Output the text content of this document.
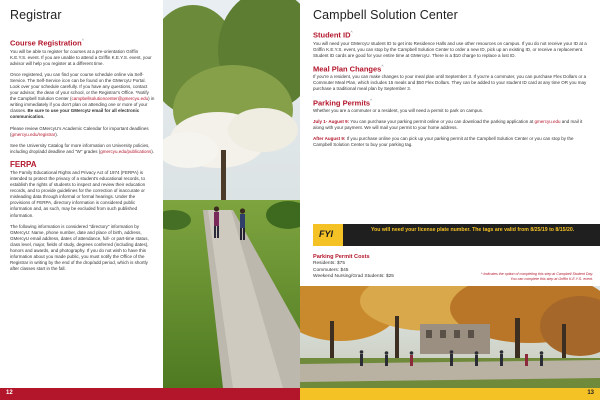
Registrar
Course Registration^
You will be able to register for courses at a pre-orientation Griffin K.E.Y.S. event. If you are unable to attend a Griffin K.E.Y.S. event, your advisor will help you register at a different time.
Once registered, you can find your course schedule online via Self-Service. The Self-Service icon can be found on the GMercyU Portal. Look over your schedule carefully. If you have any questions, contact your advisor, the dean of your school, or the Registrar's Office. *Notify the Campbell Solution Center (campbellsolutioncenter@gmercyu.edu) in writing immediately if you don't plan on attending one or more of your classes. Be sure to use your GMercyU email for all electronic communication.
Please review GMercyU's Academic Calendar for important deadlines (gmercyu.edu/registrar).
See the University Catalog for more information on University policies, including drop/add deadline and "W" grades (gmercyu.edu/publications).
FERPA
The Family Educational Rights and Privacy Act of 1974 (FERPA) is intended to protect the privacy of a student's educational records, to establish the rights of students to inspect and review their education records, and to provide guidelines for the correction of inaccurate or misleading data through informal or formal hearings. Under the provisions of FERPA, directory information is considered public information and, as such, may be excluded from such published information.
The following information is considered "directory" information by GMercyU: Name, phone number, date and place of birth, address, GMercyU email address, dates of attendance, full- or part-time status, class level, major, fields of study, degrees conferred (including dates), honors and awards, and photography. If you do not wish to have this information about you made public, you must notify the Office of the Registrar in writing by the end of the drop/add period, which is shortly after classes start in the fall.
12
Campbell Solution Center
Student ID^
You will need your GMercyU student ID to get into Residence Halls and use other resources on campus. If you do not receive your ID at a Griffin K.E.Y.S. event, you can stop by the Campbell Solution Center to order a new ID, pick up an existing ID, or receive a replacement. Student ID cards are good for your entire time at GMercyU. There is a $10 charge to replace a lost ID.
Meal Plan Changes^
If you're a resident, you can make changes to your meal plan until September 3. If you're a commuter, you can purchase Flex Dollars or a Commuter Meal Plan, which includes 15 meals and $50 Flex Dollars. They can be added to your student ID card at any time OR you may purchase a traditional meal plan by September 3.
Parking Permits^
Whether you are a commuter or a resident, you will need a permit to park on campus.
July 1- August 9: You can purchase your parking permit online or you can download the parking application at gmercyu.edu and mail it along with your payment. We will mail your permit to your home address.
After August 9: If you purchase online you can pick up your parking permit at the Campbell Solution Center or you can stop by the Campbell Solution Center to buy your parking tag.
FYI	You will need your license plate number. The tags are valid from 8/25/19 to 8/15/20.
Parking Permit Costs
Residents: $75
Commuters: $45
Weekend Nursing/Grad Students: $25
^ Indicates the option of completing this step at Campbell Student Day.
You can complete this step at Griffin K.E.Y.S. event.
13
